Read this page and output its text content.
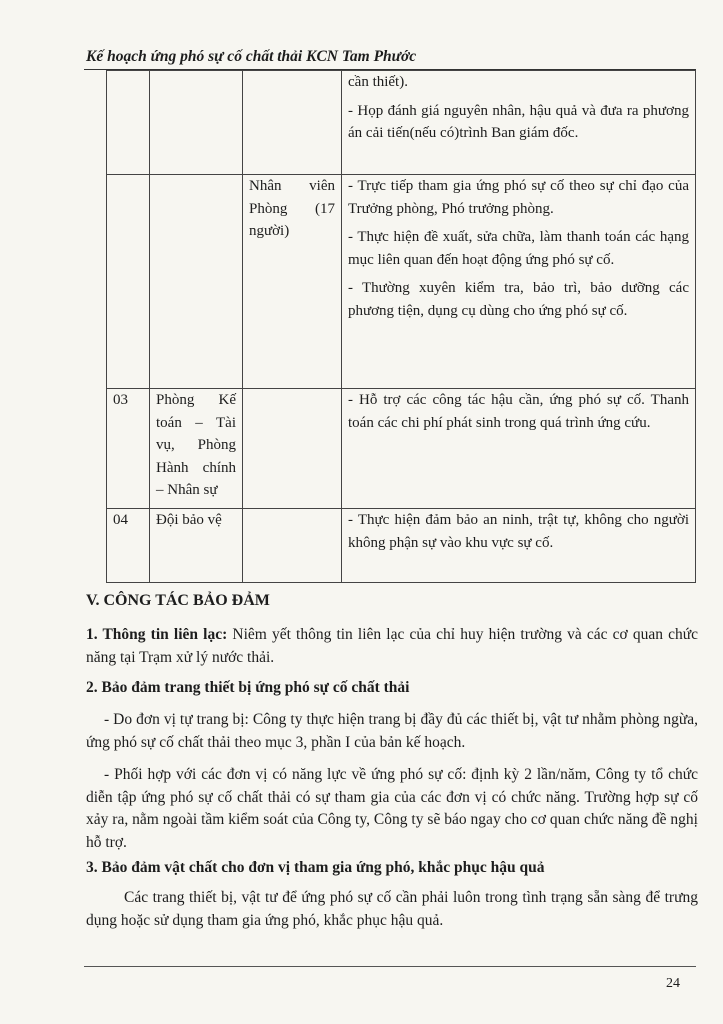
Kế hoạch ứng phó sự cố chất thải KCN Tam Phước

			cần thiết).

- Họp đánh giá nguyên nhân, hậu quả và đưa ra phương án cải tiến(nếu có)trình Ban giám đốc.

		Nhân viên Phòng (17 người)	- Trực tiếp tham gia ứng phó sự cố theo sự chỉ đạo của Trưởng phòng, Phó trưởng phòng.

- Thực hiện đề xuất, sửa chữa, làm thanh toán các hạng mục liên quan đến hoạt động ứng phó sự cố.

- Thường xuyên kiểm tra, bảo trì, bảo dưỡng các phương tiện, dụng cụ dùng cho ứng phó sự cố.

03	Phòng Kế toán – Tài vụ, Phòng Hành chính – Nhân sự		- Hỗ trợ các công tác hậu cần, ứng phó sự cố. Thanh toán các chi phí phát sinh trong quá trình ứng cứu.

04	Đội bảo vệ		- Thực hiện đảm bảo an ninh, trật tự, không cho người không phận sự vào khu vực sự cố.

V. CÔNG TÁC BẢO ĐẢM
1. Thông tin liên lạc: Niêm yết thông tin liên lạc của chỉ huy hiện trường và các cơ quan chức năng tại Trạm xử lý nước thải.
2. Bảo đảm trang thiết bị ứng phó sự cố chất thải
- Do đơn vị tự trang bị: Công ty thực hiện trang bị đầy đủ các thiết bị, vật tư nhằm phòng ngừa, ứng phó sự cố chất thải theo mục 3, phần I của bản kế hoạch.
- Phối hợp với các đơn vị có năng lực về ứng phó sự cố: định kỳ 2 lần/năm, Công ty tổ chức diễn tập ứng phó sự cố chất thải có sự tham gia của các đơn vị có chức năng. Trường hợp sự cố xảy ra, nằm ngoài tầm kiểm soát của Công ty, Công ty sẽ báo ngay cho cơ quan chức năng đề nghị hỗ trợ.
3. Bảo đảm vật chất cho đơn vị tham gia ứng phó, khắc phục hậu quả
Các trang thiết bị, vật tư để ứng phó sự cố cần phải luôn trong tình trạng sẵn sàng để trưng dụng hoặc sử dụng tham gia ứng phó, khắc phục hậu quả.
24
